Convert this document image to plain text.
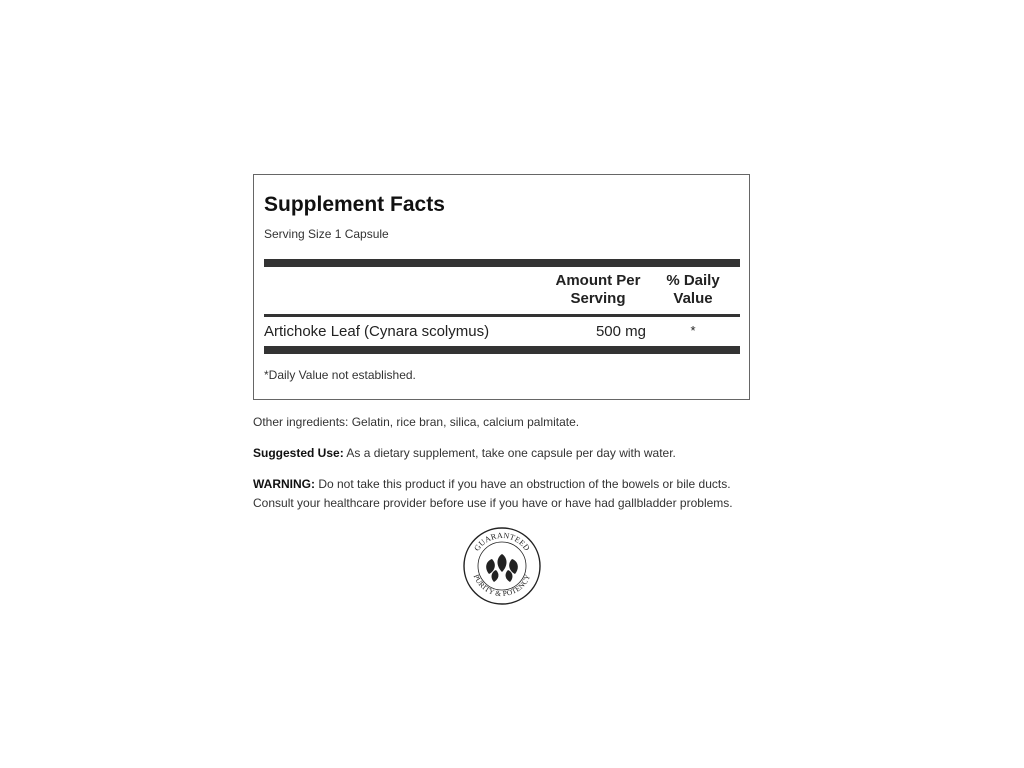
Supplement Facts
Serving Size 1 Capsule
Amount Per
Serving
% Daily
Value
Artichoke Leaf (Cynara scolymus)	500 mg	*
*Daily Value not established.
Other ingredients: Gelatin, rice bran, silica, calcium palmitate.
Suggested Use: As a dietary supplement, take one capsule per day with water.
WARNING: Do not take this product if you have an obstruction of the bowels or bile ducts.
Consult your healthcare provider before use if you have or have had gallbladder problems.
GUARANTEED
PURITY & POTENCY
